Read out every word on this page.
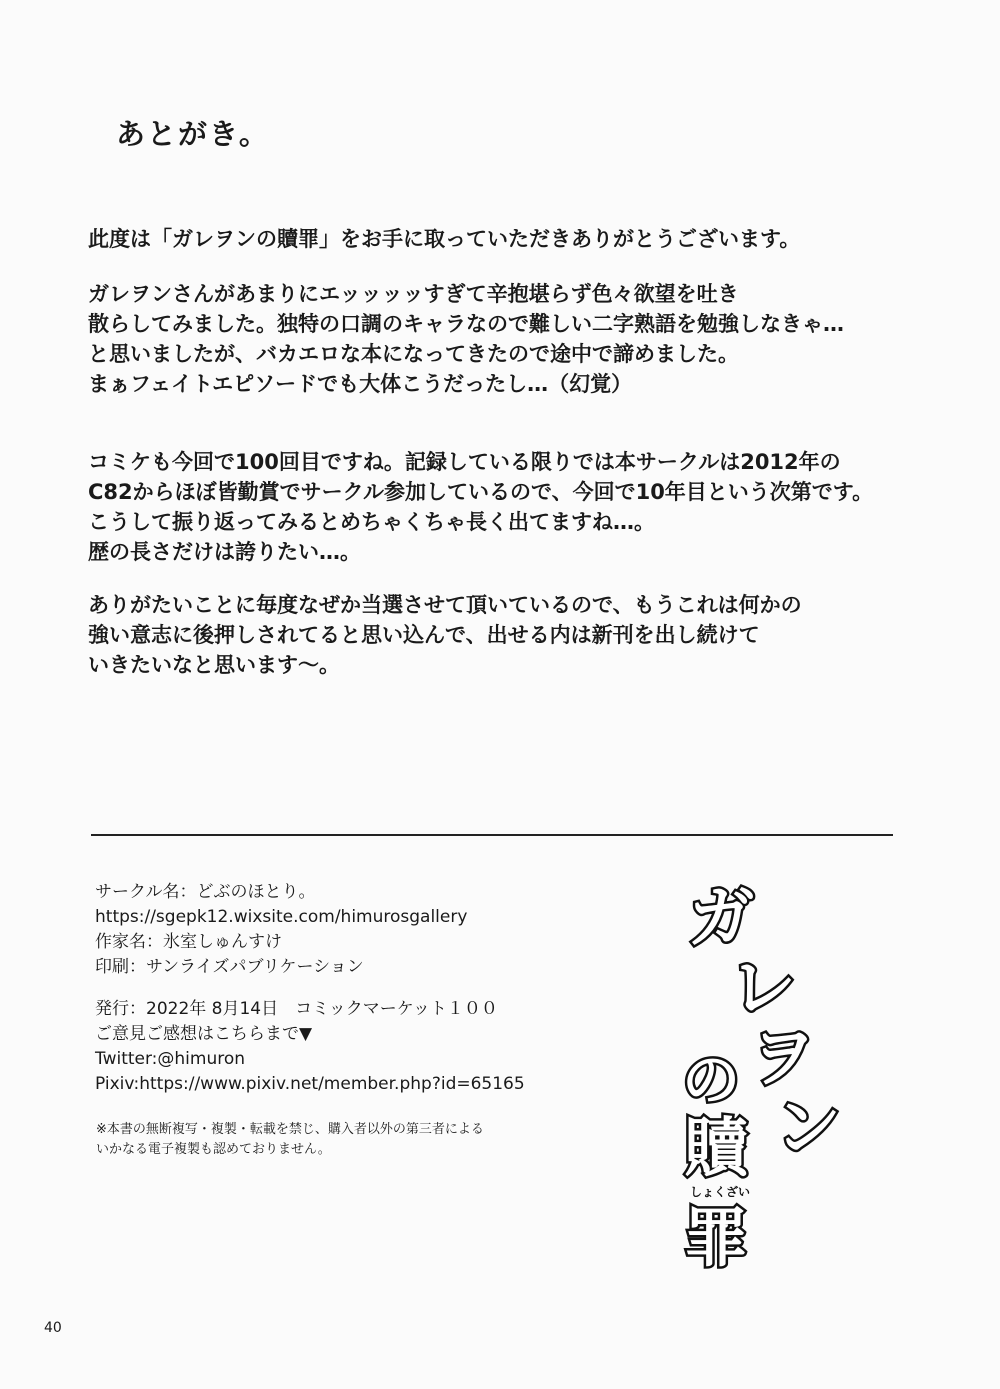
あとがき。

此度は「ガレヲンの贖罪」をお手に取っていただきありがとうございます。

ガレヲンさんがあまりにエッッッッすぎて辛抱堪らず色々欲望を吐き

散らしてみました。独特の口調のキャラなので難しい二字熟語を勉強しなきゃ…

と思いましたが、バカエロな本になってきたので途中で諦めました。

まぁフェイトエピソードでも大体こうだったし…（幻覚）

コミケも今回で100回目ですね。記録している限りでは本サークルは2012年の

C82からほぼ皆勤賞でサークル参加しているので、今回で10年目という次第です。

こうして振り返ってみるとめちゃくちゃ長く出てますね…。

歴の長さだけは誇りたい…。

ありがたいことに毎度なぜか当選させて頂いているので、もうこれは何かの

強い意志に後押しされてると思い込んで、出せる内は新刊を出し続けて

いきたいなと思います〜。

サークル名：どぶのほとり。

https://sgepk12.wixsite.com/himurosgallery

作家名：氷室しゅんすけ

印刷：サンライズパブリケーション

発行：2022年 8月14日　コミックマーケット１００

ご意見ご感想はこちらまで▼

Twitter:@himuron

Pixiv:https://www.pixiv.net/member.php?id=65165

※本書の無断複写・複製・転載を禁じ、購入者以外の第三者による

いかなる電子複製も認めておりません。

ガ
レ
ヲ
ン
の
贖
しょくざい
罪

40
